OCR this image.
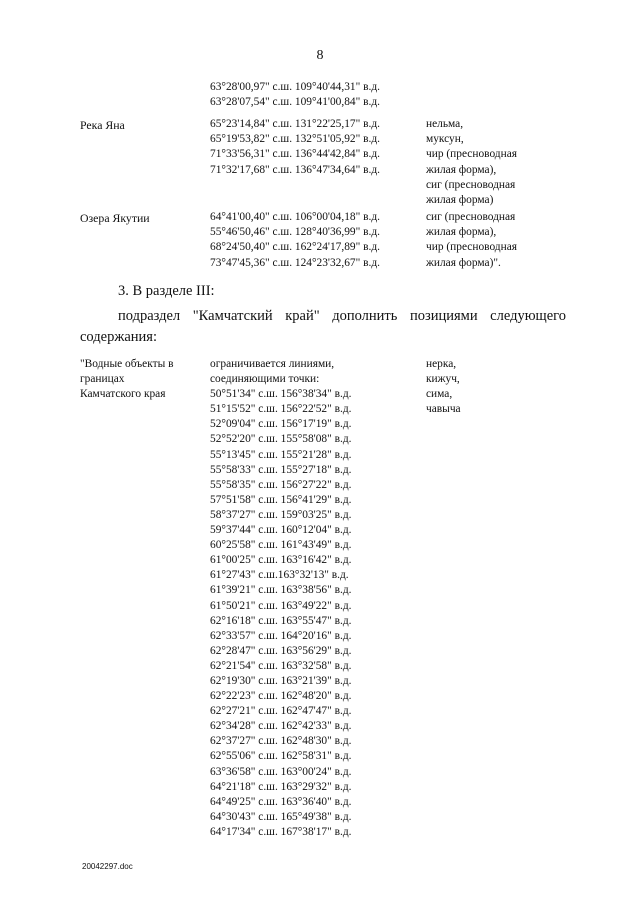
8
63°28'00,97" с.ш. 109°40'44,31" в.д.
63°28'07,54" с.ш. 109°41'00,84" в.д.
Река Яна	65°23'14,84" с.ш. 131°22'25,17" в.д.
65°19'53,82" с.ш. 132°51'05,92" в.д.
71°33'56,31" с.ш. 136°44'42,84" в.д.
71°32'17,68" с.ш. 136°47'34,64" в.д.
нельма,
муксун,
чир (пресноводная
жилая форма),
сиг (пресноводная
жилая форма)
Озера Якутии	64°41'00,40" с.ш. 106°00'04,18" в.д.
55°46'50,46" с.ш. 128°40'36,99" в.д.
68°24'50,40" с.ш. 162°24'17,89" в.д.
73°47'45,36" с.ш. 124°23'32,67" в.д.
сиг (пресноводная
жилая форма),
чир (пресноводная
жилая форма)".
3. В разделе III:
подраздел "Камчатский край" дополнить позициями следующего
содержания:
"Водные объекты в
границах
Камчатского края
ограничивается линиями,
соединяющими точки:
50°51'34" с.ш. 156°38'34" в.д.
51°15'52" с.ш. 156°22'52" в.д.
52°09'04" с.ш. 156°17'19" в.д.
52°52'20" с.ш. 155°58'08" в.д.
55°13'45" с.ш. 155°21'28" в.д.
55°58'33" с.ш. 155°27'18" в.д.
55°58'35" с.ш. 156°27'22" в.д.
57°51'58" с.ш. 156°41'29" в.д.
58°37'27" с.ш. 159°03'25" в.д.
59°37'44" с.ш. 160°12'04" в.д.
60°25'58" с.ш. 161°43'49" в.д.
61°00'25" с.ш. 163°16'42" в.д.
61°27'43" с.ш.163°32'13" в.д.
61°39'21" с.ш. 163°38'56" в.д.
61°50'21" с.ш. 163°49'22" в.д.
62°16'18" с.ш. 163°55'47" в.д.
62°33'57" с.ш. 164°20'16" в.д.
62°28'47" с.ш. 163°56'29" в.д.
62°21'54" с.ш. 163°32'58" в.д.
62°19'30" с.ш. 163°21'39" в.д.
62°22'23" с.ш. 162°48'20" в.д.
62°27'21" с.ш. 162°47'47" в.д.
62°34'28" с.ш. 162°42'33" в.д.
62°37'27" с.ш. 162°48'30" в.д.
62°55'06" с.ш. 162°58'31" в.д.
63°36'58" с.ш. 163°00'24" в.д.
64°21'18" с.ш. 163°29'32" в.д.
64°49'25" с.ш. 163°36'40" в.д.
64°30'43" с.ш. 165°49'38" в.д.
64°17'34" с.ш. 167°38'17" в.д.
нерка,
кижуч,
сима,
чавыча
20042297.doc
